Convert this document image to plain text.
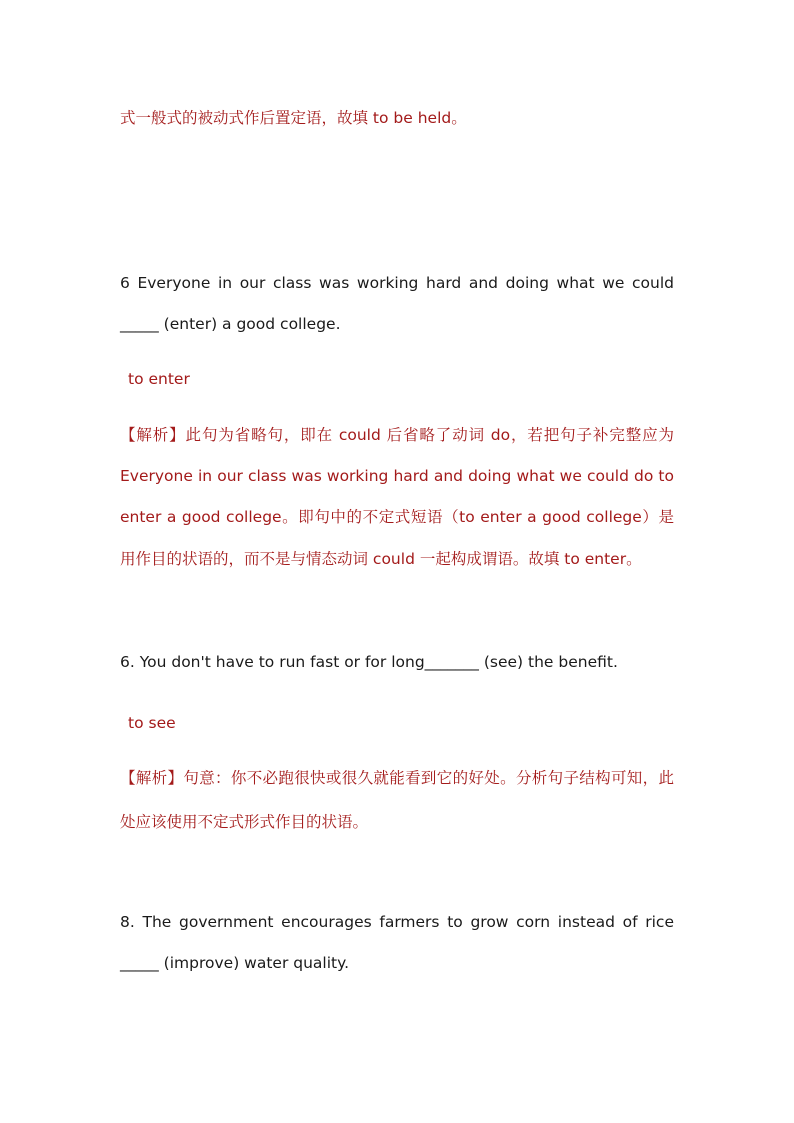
式一般式的被动式作后置定语，故填 to be held。
6 Everyone in our class was working hard and doing what we could
_____ (enter) a good college.
to enter
【解析】此句为省略句，即在 could 后省略了动词 do，若把句子补完整应为
Everyone in our class was working hard and doing what we could do to
enter a good college。即句中的不定式短语（to enter a good college）是
用作目的状语的，而不是与情态动词 could 一起构成谓语。故填 to enter。
6. You don't have to run fast or for long_______ (see) the benefit.
to see
【解析】句意：你不必跑很快或很久就能看到它的好处。分析句子结构可知，此
处应该使用不定式形式作目的状语。
8. The government encourages farmers to grow corn instead of rice
_____ (improve) water quality.
